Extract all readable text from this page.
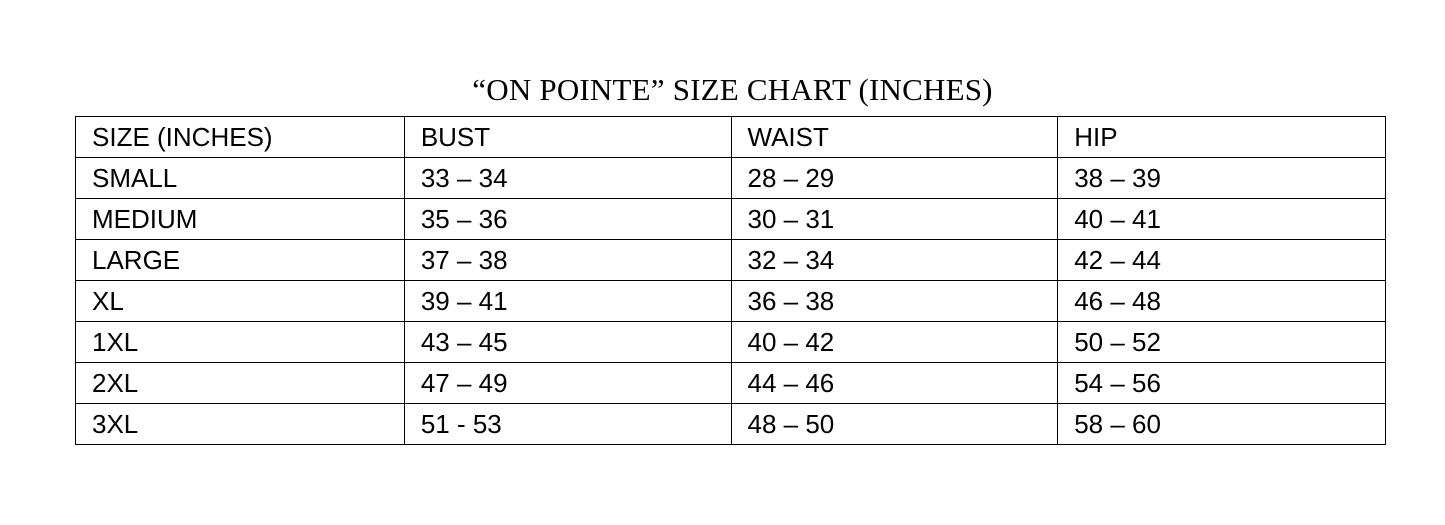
“ON POINTE” SIZE CHART (INCHES)
SIZE (INCHES)	BUST	WAIST	HIP
SMALL	33 – 34	28 – 29	38 – 39
MEDIUM	35 – 36	30 – 31	40 – 41
LARGE	37 – 38	32 – 34	42 – 44
XL	39 – 41	36 – 38	46 – 48
1XL	43 – 45	40 – 42	50 – 52
2XL	47 – 49	44 – 46	54 – 56
3XL	51 - 53	48 – 50	58 – 60
